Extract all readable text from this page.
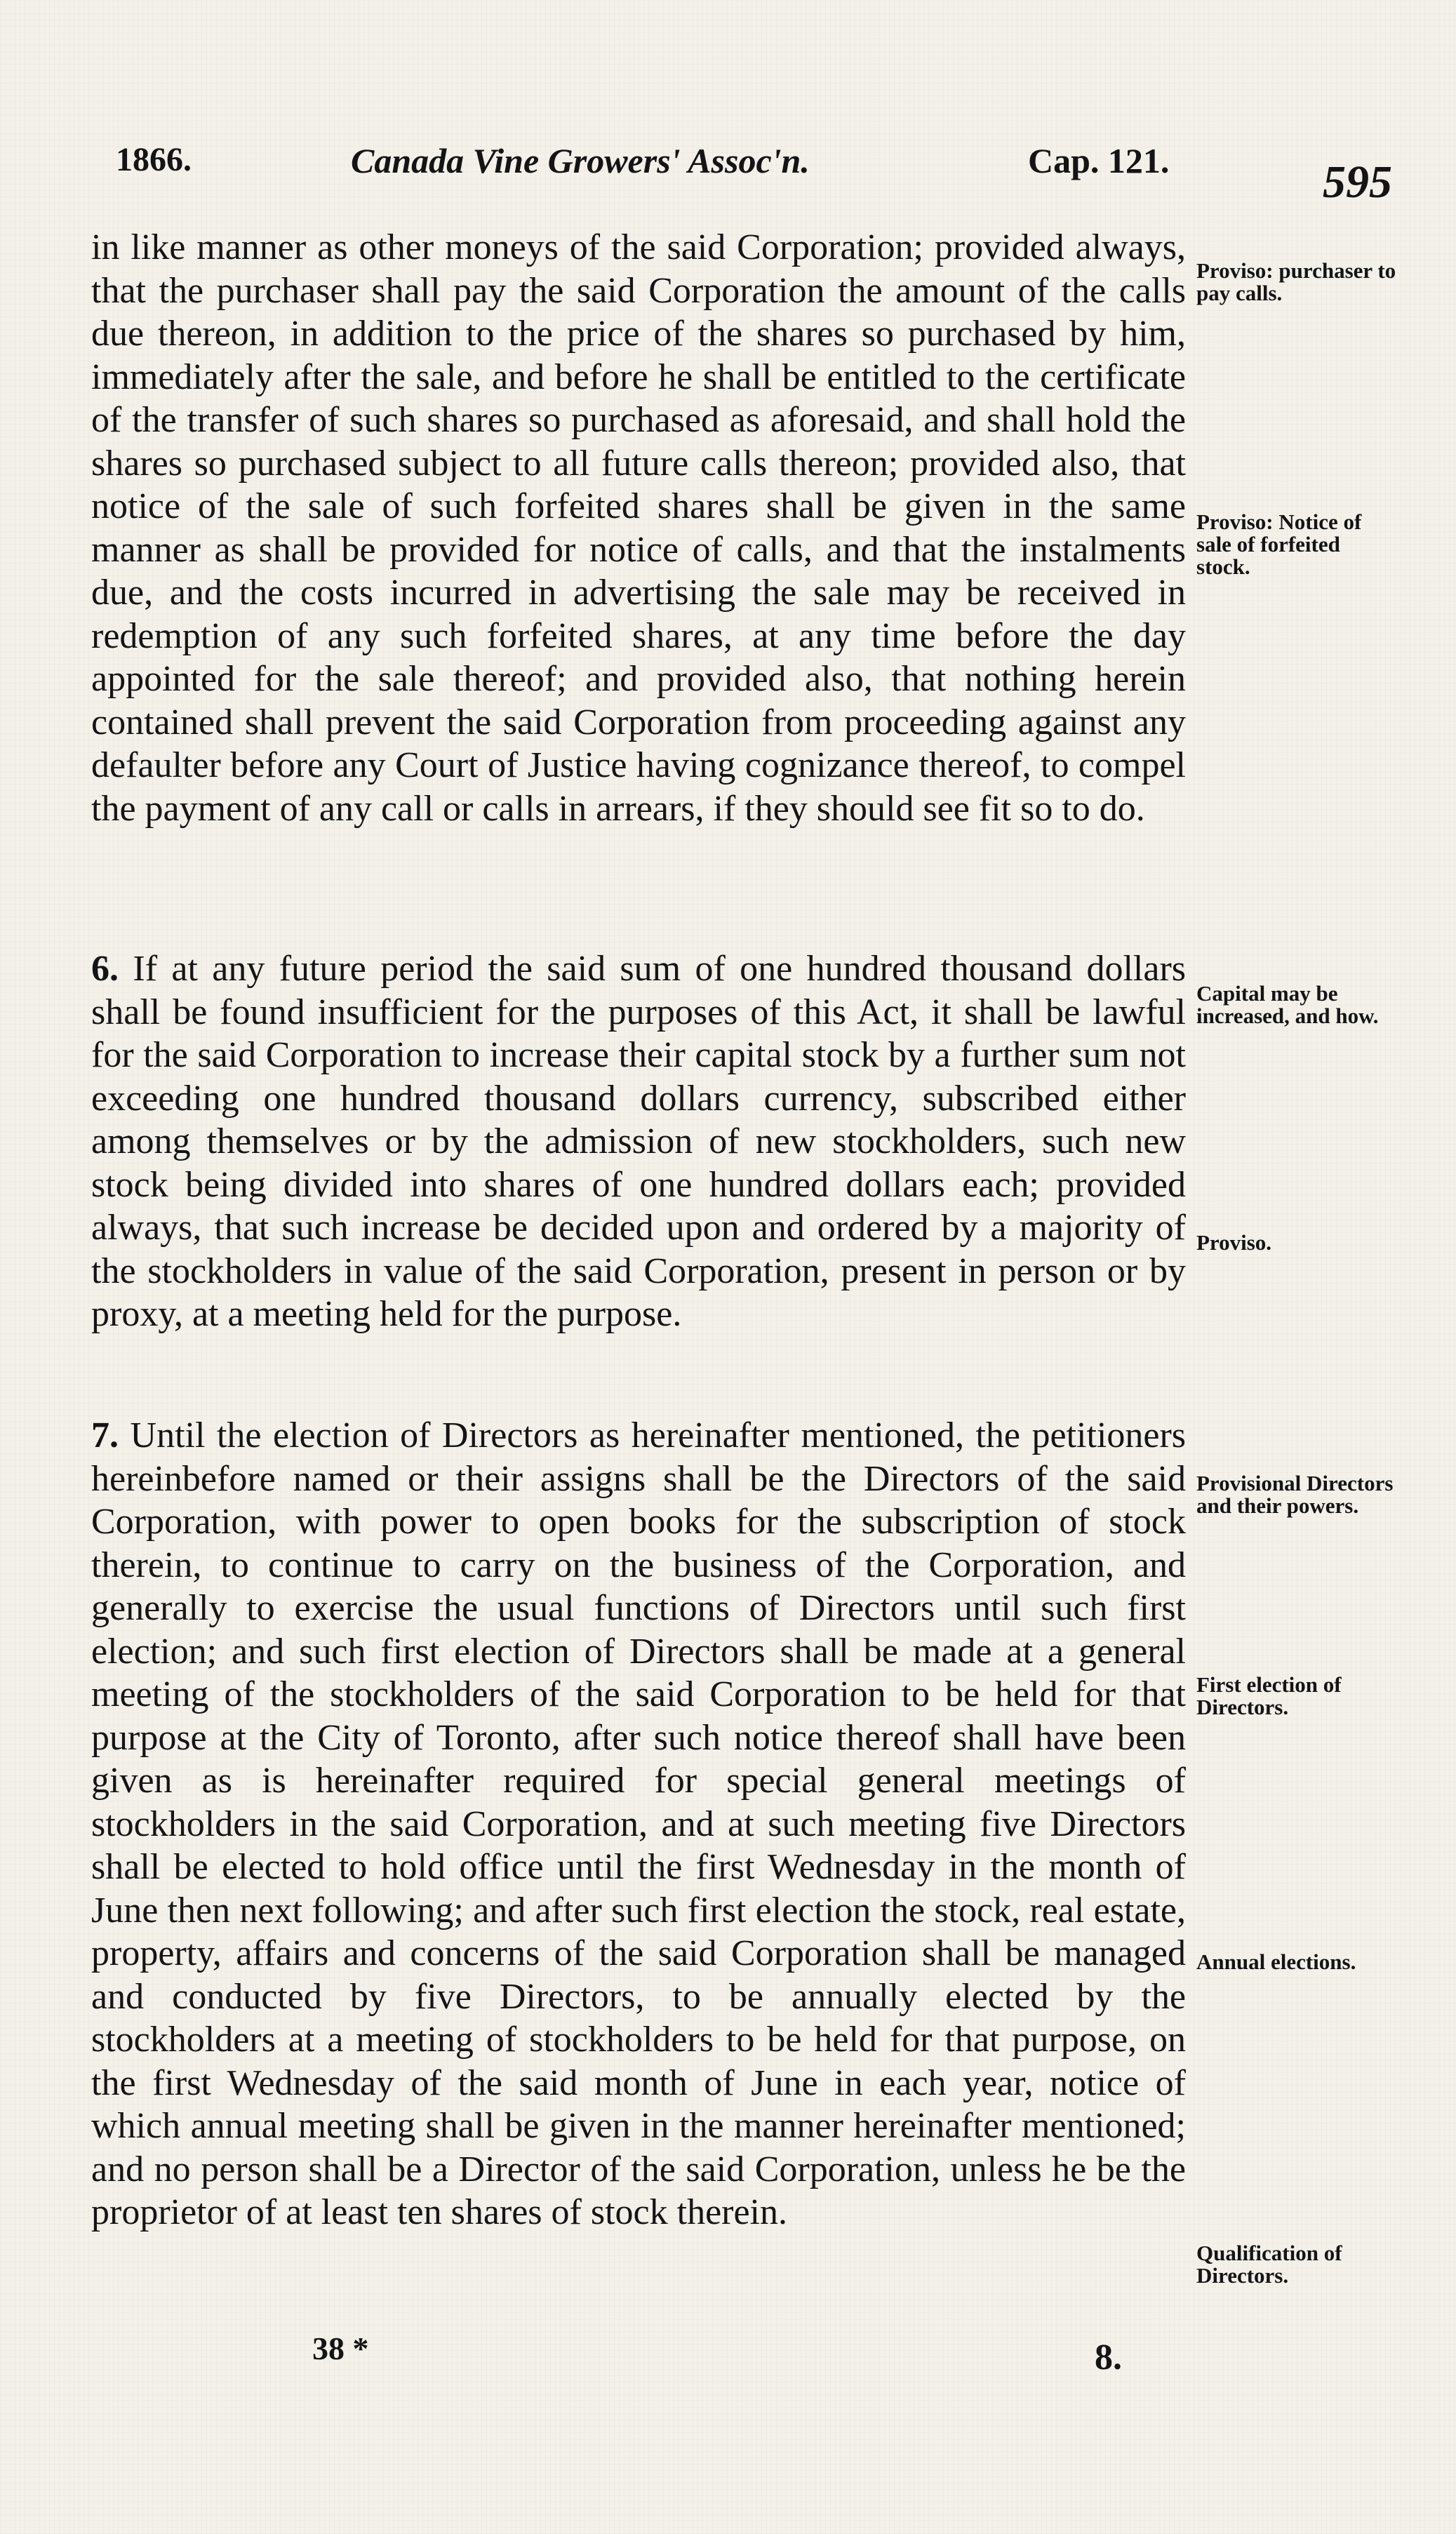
1866.	Canada Vine Growers' Assoc'n.	Cap. 121.	595
in like manner as other moneys of the said Corporation; provided always, that the purchaser shall pay the said Corporation the amount of the calls due thereon, in addition to the price of the shares so purchased by him, immediately after the sale, and before he shall be entitled to the certificate of the transfer of such shares so purchased as aforesaid, and shall hold the shares so purchased subject to all future calls thereon; provided also, that notice of the sale of such forfeited shares shall be given in the same manner as shall be provided for notice of calls, and that the instalments due, and the costs incurred in advertising the sale may be received in redemption of any such forfeited shares, at any time before the day appointed for the sale thereof; and provided also, that nothing herein contained shall prevent the said Corporation from proceeding against any defaulter before any Court of Justice having cognizance thereof, to compel the payment of any call or calls in arrears, if they should see fit so to do.
6. If at any future period the said sum of one hundred thousand dollars shall be found insufficient for the purposes of this Act, it shall be lawful for the said Corporation to increase their capital stock by a further sum not exceeding one hundred thousand dollars currency, subscribed either among themselves or by the admission of new stockholders, such new stock being divided into shares of one hundred dollars each; provided always, that such increase be decided upon and ordered by a majority of the stockholders in value of the said Corporation, present in person or by proxy, at a meeting held for the purpose.
7. Until the election of Directors as hereinafter mentioned, the petitioners hereinbefore named or their assigns shall be the Directors of the said Corporation, with power to open books for the subscription of stock therein, to continue to carry on the business of the Corporation, and generally to exercise the usual functions of Directors until such first election; and such first election of Directors shall be made at a general meeting of the stockholders of the said Corporation to be held for that purpose at the City of Toronto, after such notice thereof shall have been given as is hereinafter required for special general meetings of stockholders in the said Corporation, and at such meeting five Directors shall be elected to hold office until the first Wednesday in the month of June then next following; and after such first election the stock, real estate, property, affairs and concerns of the said Corporation shall be managed and conducted by five Directors, to be annually elected by the stockholders at a meeting of stockholders to be held for that purpose, on the first Wednesday of the said month of June in each year, notice of which annual meeting shall be given in the manner hereinafter mentioned; and no person shall be a Director of the said Corporation, unless he be the proprietor of at least ten shares of stock therein.
Proviso: purchaser to pay calls.
Proviso: Notice of sale of forfeited stock.
Capital may be increased, and how.
Proviso.
Provisional Directors and their powers.
First election of Directors.
Annual elections.
Qualification of Directors.
38 *	8.
